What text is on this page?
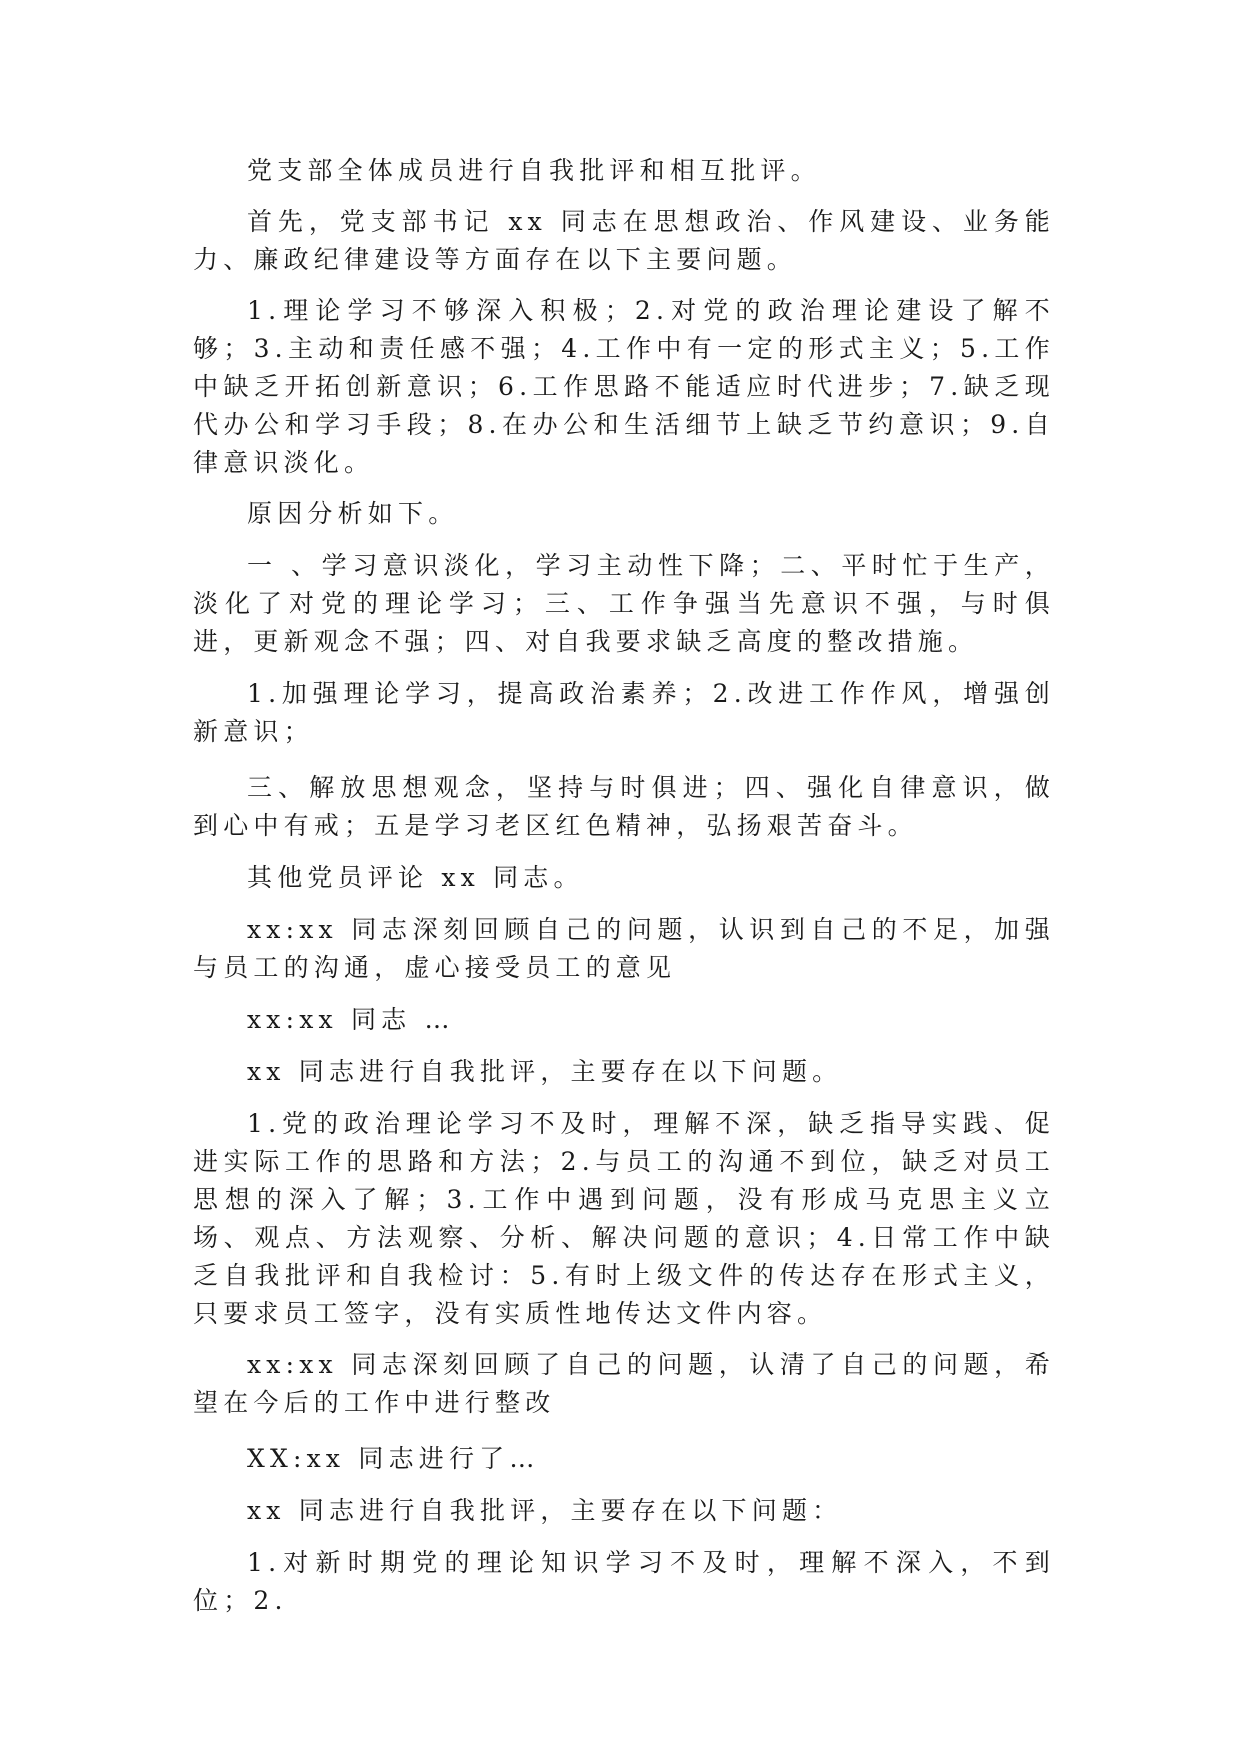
党支部全体成员进行自我批评和相互批评。

首先，党支部书记 xx 同志在思想政治、作风建设、业务能力、廉政纪律建设等方面存在以下主要问题。

1.理论学习不够深入积极；2.对党的政治理论建设了解不够；3.主动和责任感不强；4.工作中有一定的形式主义；5.工作中缺乏开拓创新意识；6.工作思路不能适应时代进步；7.缺乏现代办公和学习手段；8.在办公和生活细节上缺乏节约意识；9.自律意识淡化。

原因分析如下。

一 、学习意识淡化，学习主动性下降；二、平时忙于生产，淡化了对党的理论学习；三、工作争强当先意识不强，与时俱进，更新观念不强；四、对自我要求缺乏高度的整改措施。

1.加强理论学习，提高政治素养；2.改进工作作风，增强创新意识；

三、解放思想观念，坚持与时俱进；四、强化自律意识，做到心中有戒；五是学习老区红色精神，弘扬艰苦奋斗。

其他党员评论 xx 同志。

xx:xx 同志深刻回顾自己的问题，认识到自己的不足，加强与员工的沟通，虚心接受员工的意见

xx:xx 同志 …

xx 同志进行自我批评，主要存在以下问题。

1.党的政治理论学习不及时，理解不深，缺乏指导实践、促进实际工作的思路和方法；2.与员工的沟通不到位，缺乏对员工思想的深入了解；3.工作中遇到问题，没有形成马克思主义立场、观点、方法观察、分析、解决问题的意识；4.日常工作中缺乏自我批评和自我检讨：5.有时上级文件的传达存在形式主义，只要求员工签字，没有实质性地传达文件内容。

xx:xx 同志深刻回顾了自己的问题，认清了自己的问题，希望在今后的工作中进行整改

XX:xx 同志进行了…

xx 同志进行自我批评，主要存在以下问题：

1.对新时期党的理论知识学习不及时，理解不深入，不到位；2.
